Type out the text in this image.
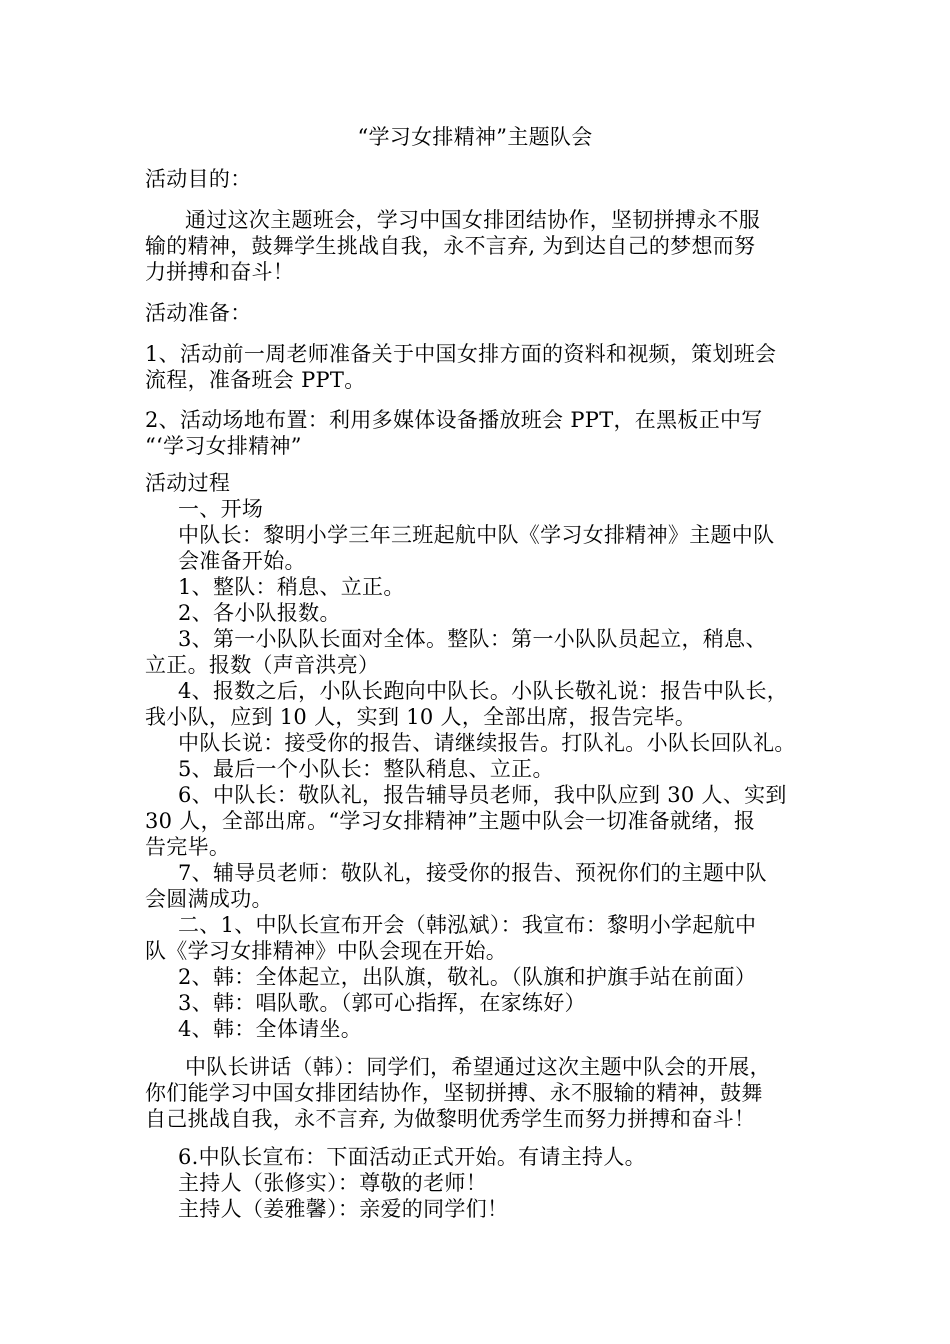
“学习女排精神”主题队会
活动目的：
通过这次主题班会，学习中国女排团结协作，坚韧拼搏永不服
输的精神，鼓舞学生挑战自我，永不言弃, 为到达自己的梦想而努
力拼搏和奋斗！
活动准备：
1、活动前一周老师准备关于中国女排方面的资料和视频，策划班会
流程，准备班会 PPT。
2、活动场地布置：利用多媒体设备播放班会 PPT，在黑板正中写
“‘学习女排精神”
活动过程
一、开场
中队长：黎明小学三年三班起航中队《学习女排精神》主题中队
会准备开始。
1、整队：稍息、立正。
2、各小队报数。
3、第一小队队长面对全体。整队：第一小队队员起立，稍息、
立正。报数（声音洪亮）
4、报数之后，小队长跑向中队长。小队长敬礼说：报告中队长，
我小队，应到 10 人，实到 10 人，全部出席，报告完毕。
中队长说：接受你的报告、请继续报告。打队礼。小队长回队礼。
5、最后一个小队长：整队稍息、立正。
6、中队长：敬队礼，报告辅导员老师，我中队应到 30 人、实到
30 人，全部出席。“学习女排精神”主题中队会一切准备就绪，报
告完毕。
7、辅导员老师：敬队礼，接受你的报告、预祝你们的主题中队
会圆满成功。
二、1、中队长宣布开会（韩泓斌）：我宣布：黎明小学起航中
队《学习女排精神》中队会现在开始。
2、韩：全体起立，出队旗，敬礼。（队旗和护旗手站在前面）
3、韩：唱队歌。（郭可心指挥，在家练好）
4、韩：全体请坐。
中队长讲话（韩）：同学们，希望通过这次主题中队会的开展，
你们能学习中国女排团结协作，坚韧拼搏、永不服输的精神，鼓舞
自己挑战自我，永不言弃, 为做黎明优秀学生而努力拼搏和奋斗！
6.中队长宣布：下面活动正式开始。有请主持人。
主持人（张修实）：尊敬的老师！
主持人（姜雅馨）：亲爱的同学们！
